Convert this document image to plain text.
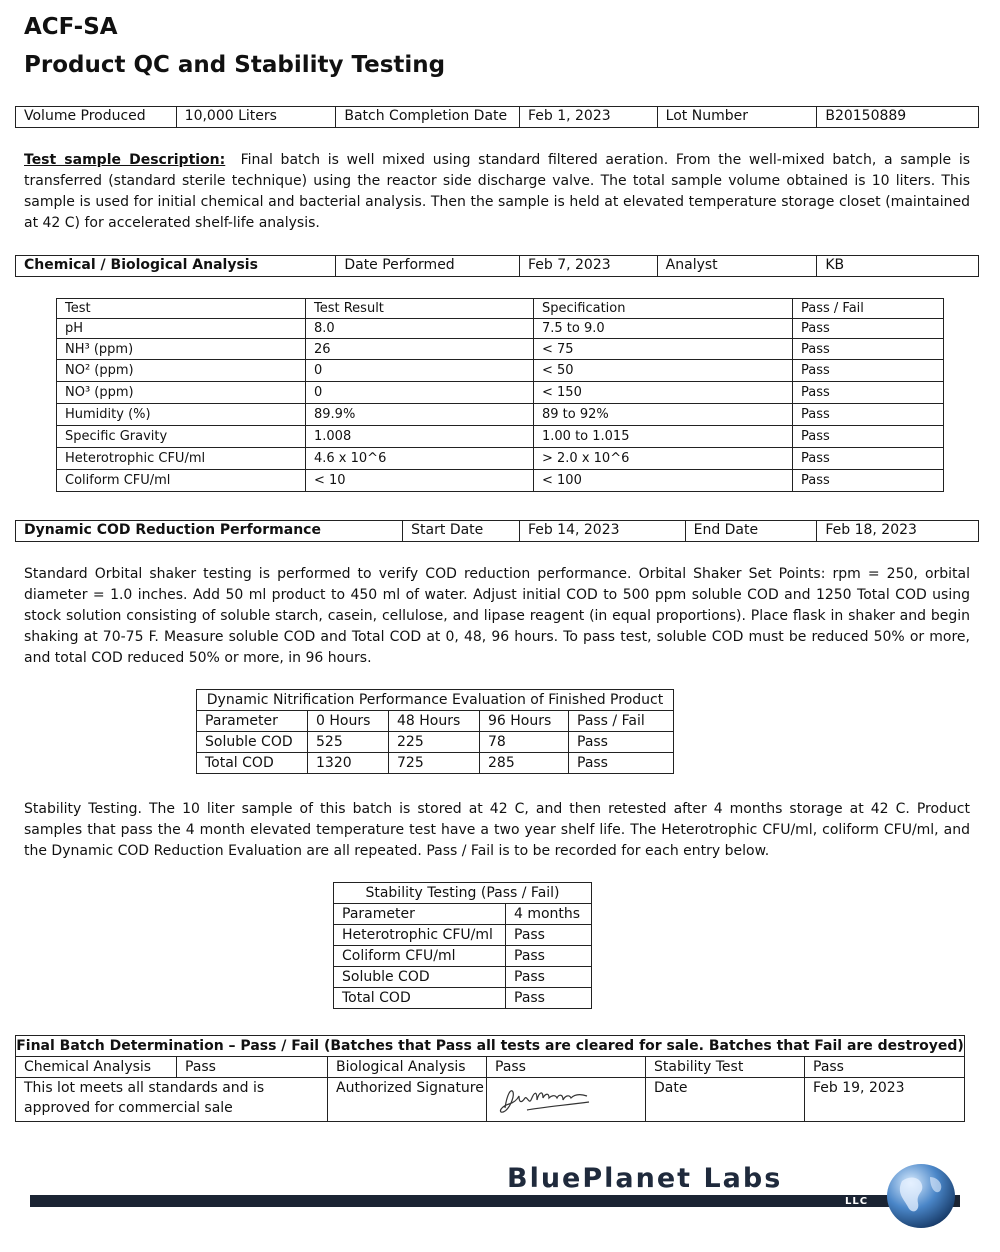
ACF-SA
Product QC and Stability Testing
Volume Produced	10,000 Liters	Batch Completion Date	Feb 1, 2023	Lot Number	B20150889
Test sample Description: Final batch is well mixed using standard filtered aeration. From the well-mixed batch, a sample is transferred (standard sterile technique) using the reactor side discharge valve. The total sample volume obtained is 10 liters. This sample is used for initial chemical and bacterial analysis. Then the sample is held at elevated temperature storage closet (maintained at 42 C) for accelerated shelf-life analysis.
Chemical / Biological Analysis	Date Performed	Feb 7, 2023	Analyst	KB
Test	Test Result	Specification	Pass / Fail
pH	8.0	7.5 to 9.0	Pass
NH³ (ppm)	26	< 75	Pass
NO² (ppm)	0	< 50	Pass
NO³ (ppm)	0	< 150	Pass
Humidity (%)	89.9%	89 to 92%	Pass
Specific Gravity	1.008	1.00 to 1.015	Pass
Heterotrophic CFU/ml	4.6 x 10^6	> 2.0 x 10^6	Pass
Coliform CFU/ml	< 10	< 100	Pass
Dynamic COD Reduction Performance	Start Date	Feb 14, 2023	End Date	Feb 18, 2023
Standard Orbital shaker testing is performed to verify COD reduction performance. Orbital Shaker Set Points: rpm = 250, orbital diameter = 1.0 inches. Add 50 ml product to 450 ml of water. Adjust initial COD to 500 ppm soluble COD and 1250 Total COD using stock solution consisting of soluble starch, casein, cellulose, and lipase reagent (in equal proportions). Place flask in shaker and begin shaking at 70-75 F. Measure soluble COD and Total COD at 0, 48, 96 hours. To pass test, soluble COD must be reduced 50% or more, and total COD reduced 50% or more, in 96 hours.
Dynamic Nitrification Performance Evaluation of Finished Product				
Parameter	0 Hours	48 Hours	96 Hours	Pass / Fail
Soluble COD	525	225	78	Pass
Total COD	1320	725	285	Pass
Stability Testing. The 10 liter sample of this batch is stored at 42 C, and then retested after 4 months storage at 42 C. Product samples that pass the 4 month elevated temperature test have a two year shelf life. The Heterotrophic CFU/ml, coliform CFU/ml, and the Dynamic COD Reduction Evaluation are all repeated. Pass / Fail is to be recorded for each entry below.
Stability Testing (Pass / Fail)	
Parameter	4 months
Heterotrophic CFU/ml	Pass
Coliform CFU/ml	Pass
Soluble COD	Pass
Total COD	Pass
Final Batch Determination – Pass / Fail (Batches that Pass all tests are cleared for sale. Batches that Fail are destroyed)					
Chemical Analysis	Pass	Biological Analysis	Pass	Stability Test	Pass
This lot meets all standards and is approved for commercial sale		Authorized Signature		Date	Feb 19, 2023
BluePlanet Labs
LLC
